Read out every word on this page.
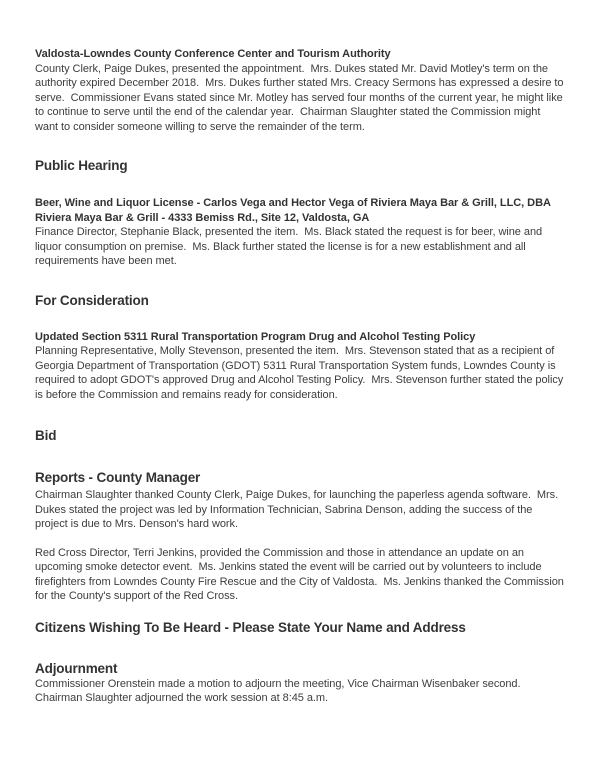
Valdosta-Lowndes County Conference Center and Tourism Authority

County Clerk, Paige Dukes, presented the appointment.  Mrs. Dukes stated Mr. David Motley's term on the authority expired December 2018.  Mrs. Dukes further stated Mrs. Creacy Sermons has expressed a desire to serve.  Commissioner Evans stated since Mr. Motley has served four months of the current year, he might like to continue to serve until the end of the calendar year.  Chairman Slaughter stated the Commission might want to consider someone willing to serve the remainder of the term.

Public Hearing
Beer, Wine and Liquor License - Carlos Vega and Hector Vega of Riviera Maya Bar & Grill, LLC, DBA Riviera Maya Bar & Grill - 4333 Bemiss Rd., Site 12, Valdosta, GA

Finance Director, Stephanie Black, presented the item.  Ms. Black stated the request is for beer, wine and liquor consumption on premise.  Ms. Black further stated the license is for a new establishment and all requirements have been met.

For Consideration
Updated Section 5311 Rural Transportation Program Drug and Alcohol Testing Policy

Planning Representative, Molly Stevenson, presented the item.  Mrs. Stevenson stated that as a recipient of Georgia Department of Transportation (GDOT) 5311 Rural Transportation System funds, Lowndes County is required to adopt GDOT's approved Drug and Alcohol Testing Policy.  Mrs. Stevenson further stated the policy is before the Commission and remains ready for consideration.

Bid
Reports - County Manager

Chairman Slaughter thanked County Clerk, Paige Dukes, for launching the paperless agenda software.  Mrs. Dukes stated the project was led by Information Technician, Sabrina Denson, adding the success of the project is due to Mrs. Denson's hard work.

Red Cross Director, Terri Jenkins, provided the Commission and those in attendance an update on an upcoming smoke detector event.  Ms. Jenkins stated the event will be carried out by volunteers to include firefighters from Lowndes County Fire Rescue and the City of Valdosta.  Ms. Jenkins thanked the Commission for the County's support of the Red Cross.

Citizens Wishing To Be Heard - Please State Your Name and Address
Adjournment

Commissioner Orenstein made a motion to adjourn the meeting, Vice Chairman Wisenbaker second. Chairman Slaughter adjourned the work session at 8:45 a.m.
